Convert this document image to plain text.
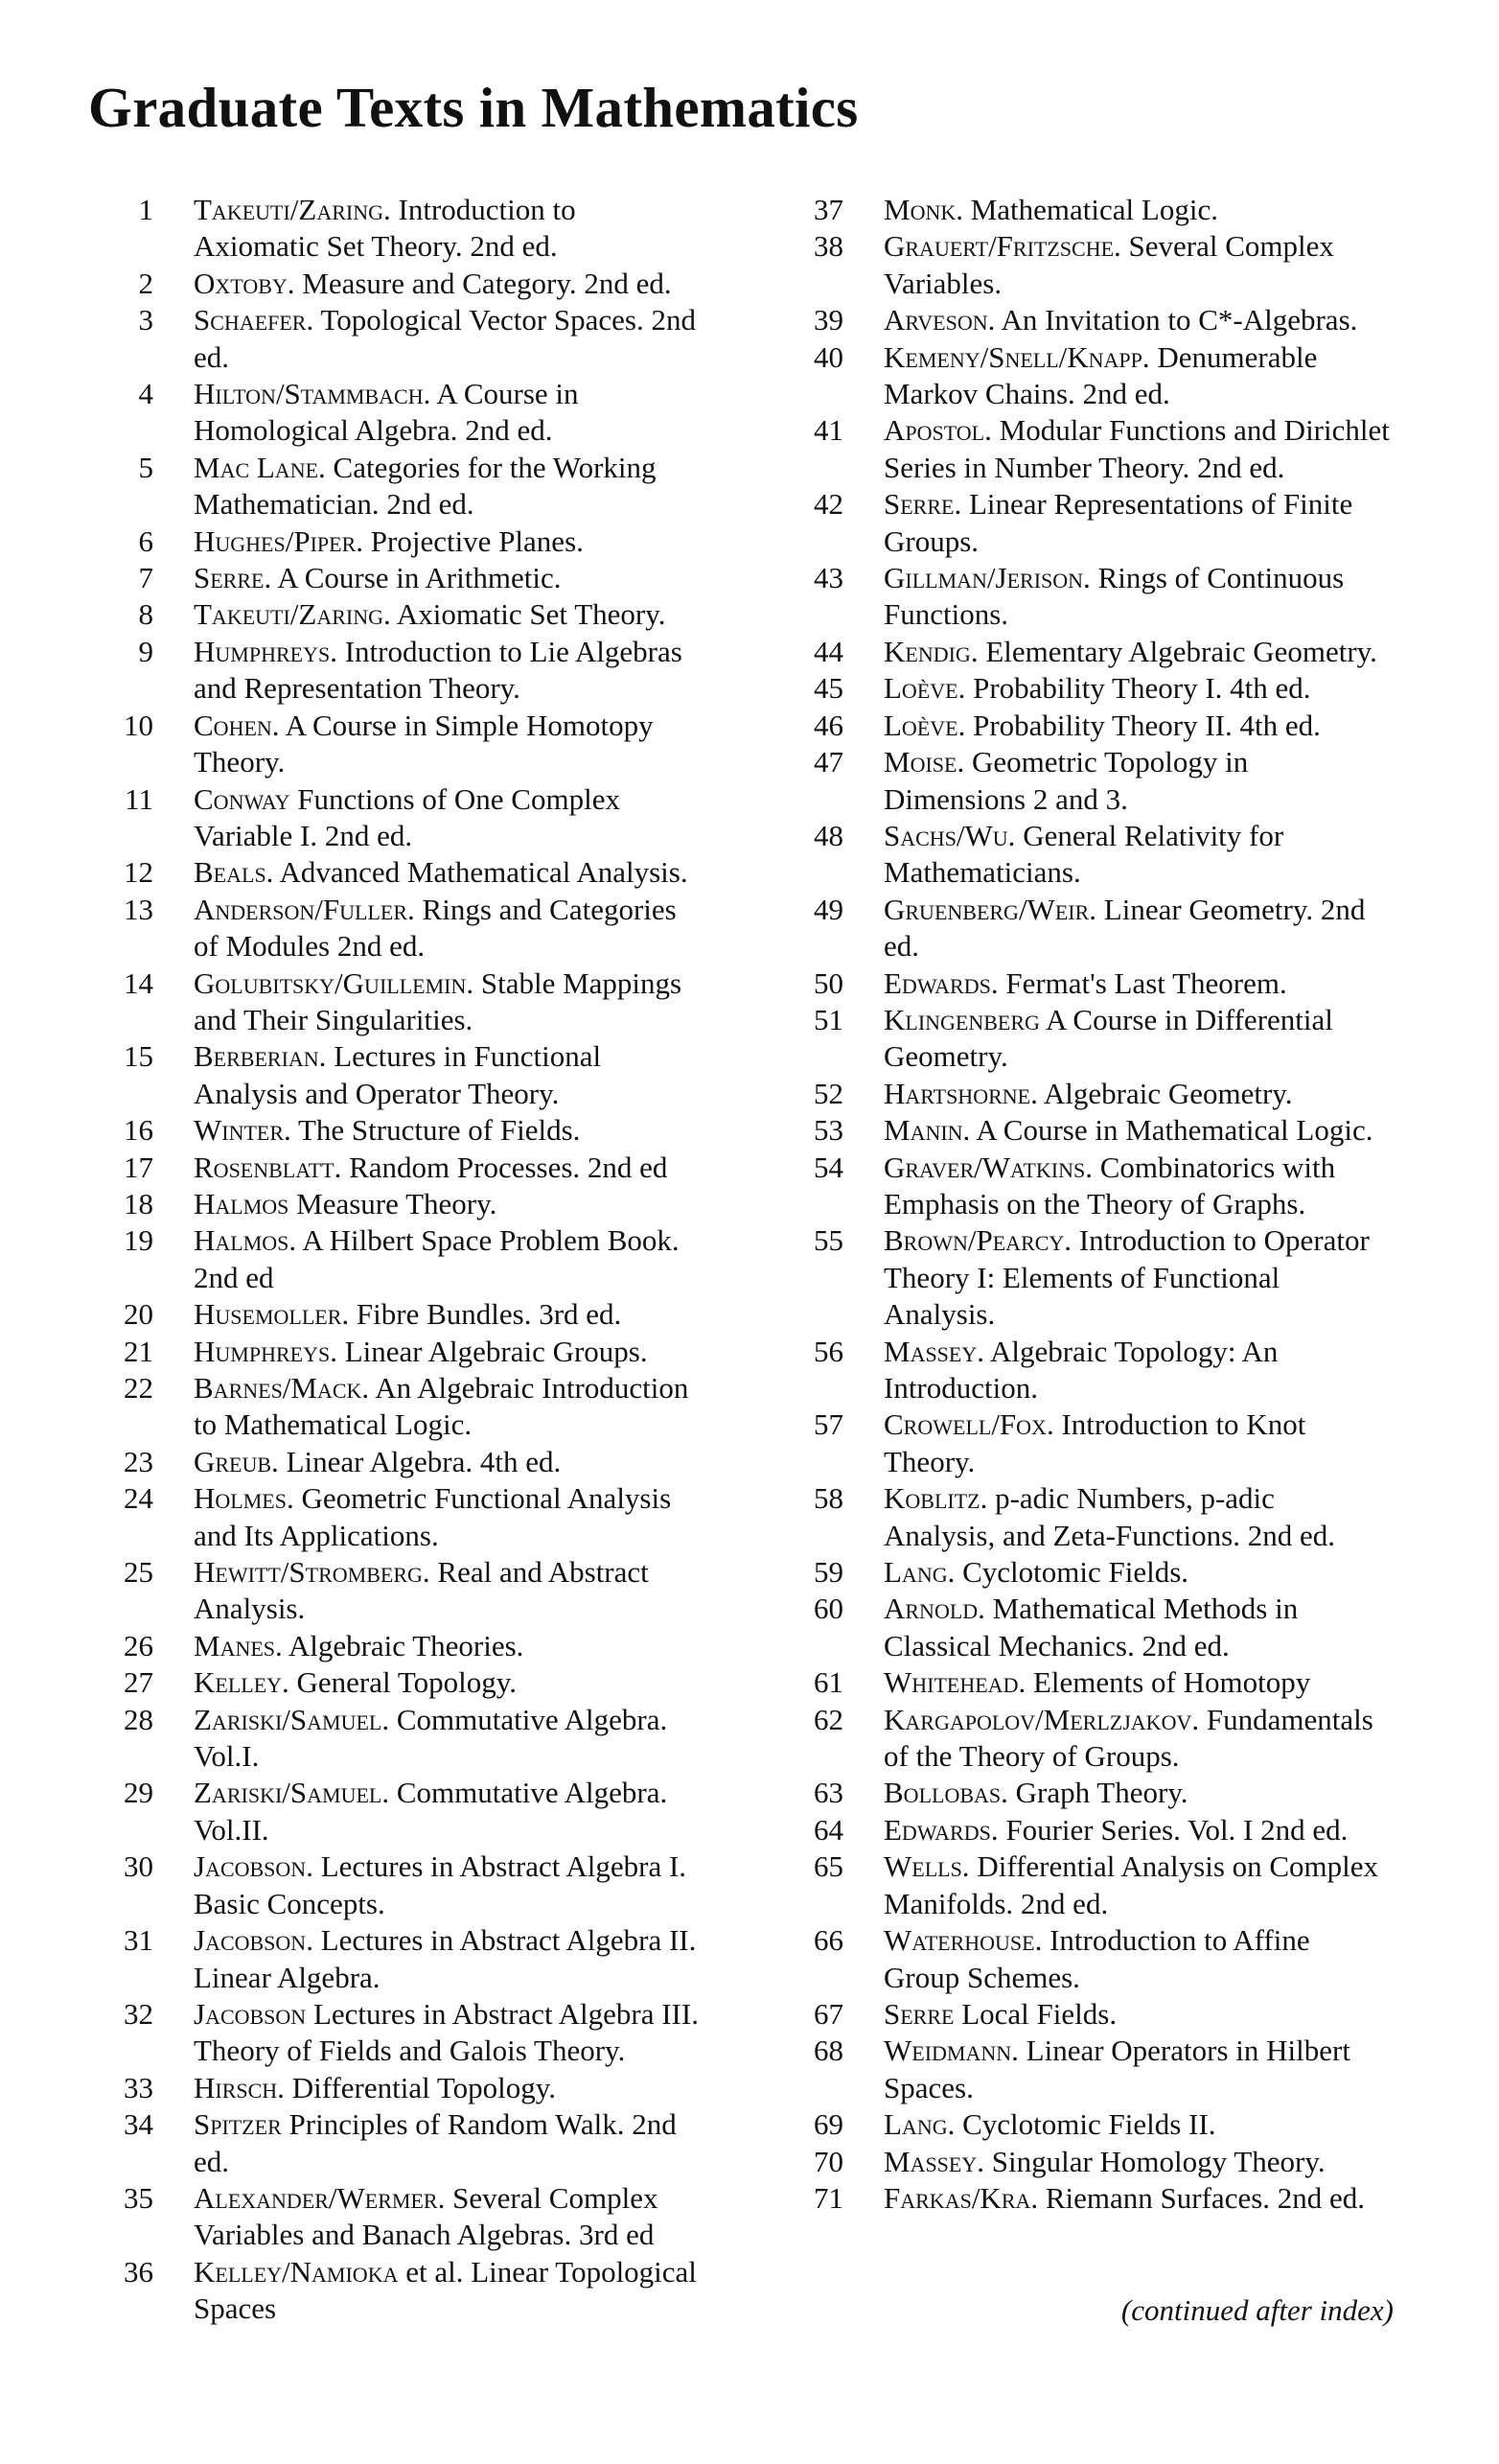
Graduate Texts in Mathematics
1	Takeuti/Zaring. Introduction to Axiomatic Set Theory. 2nd ed.
2	Oxtoby. Measure and Category. 2nd ed.
3	Schaefer. Topological Vector Spaces. 2nd ed.
4	Hilton/Stammbach. A Course in Homological Algebra. 2nd ed.
5	Mac Lane. Categories for the Working Mathematician. 2nd ed.
6	Hughes/Piper. Projective Planes.
7	Serre. A Course in Arithmetic.
8	Takeuti/Zaring. Axiomatic Set Theory.
9	Humphreys. Introduction to Lie Algebras and Representation Theory.
10	Cohen. A Course in Simple Homotopy Theory.
11	Conway Functions of One Complex Variable I. 2nd ed.
12	Beals. Advanced Mathematical Analysis.
13	Anderson/Fuller. Rings and Categories of Modules 2nd ed.
14	Golubitsky/Guillemin. Stable Mappings and Their Singularities.
15	Berberian. Lectures in Functional Analysis and Operator Theory.
16	Winter. The Structure of Fields.
17	Rosenblatt. Random Processes. 2nd ed
18	Halmos Measure Theory.
19	Halmos. A Hilbert Space Problem Book. 2nd ed
20	Husemoller. Fibre Bundles. 3rd ed.
21	Humphreys. Linear Algebraic Groups.
22	Barnes/Mack. An Algebraic Introduction to Mathematical Logic.
23	Greub. Linear Algebra. 4th ed.
24	Holmes. Geometric Functional Analysis and Its Applications.
25	Hewitt/Stromberg. Real and Abstract Analysis.
26	Manes. Algebraic Theories.
27	Kelley. General Topology.
28	Zariski/Samuel. Commutative Algebra. Vol.I.
29	Zariski/Samuel. Commutative Algebra. Vol.II.
30	Jacobson. Lectures in Abstract Algebra I. Basic Concepts.
31	Jacobson. Lectures in Abstract Algebra II. Linear Algebra.
32	Jacobson Lectures in Abstract Algebra III. Theory of Fields and Galois Theory.
33	Hirsch. Differential Topology.
34	Spitzer Principles of Random Walk. 2nd ed.
35	Alexander/Wermer. Several Complex Variables and Banach Algebras. 3rd ed
36	Kelley/Namioka et al. Linear Topological Spaces
37	Monk. Mathematical Logic.
38	Grauert/Fritzsche. Several Complex Variables.
39	Arveson. An Invitation to C*-Algebras.
40	Kemeny/Snell/Knapp. Denumerable Markov Chains. 2nd ed.
41	Apostol. Modular Functions and Dirichlet Series in Number Theory. 2nd ed.
42	Serre. Linear Representations of Finite Groups.
43	Gillman/Jerison. Rings of Continuous Functions.
44	Kendig. Elementary Algebraic Geometry.
45	Loève. Probability Theory I. 4th ed.
46	Loève. Probability Theory II. 4th ed.
47	Moise. Geometric Topology in Dimensions 2 and 3.
48	Sachs/Wu. General Relativity for Mathematicians.
49	Gruenberg/Weir. Linear Geometry. 2nd ed.
50	Edwards. Fermat's Last Theorem.
51	Klingenberg A Course in Differential Geometry.
52	Hartshorne. Algebraic Geometry.
53	Manin. A Course in Mathematical Logic.
54	Graver/Watkins. Combinatorics with Emphasis on the Theory of Graphs.
55	Brown/Pearcy. Introduction to Operator Theory I: Elements of Functional Analysis.
56	Massey. Algebraic Topology: An Introduction.
57	Crowell/Fox. Introduction to Knot Theory.
58	Koblitz. p-adic Numbers, p-adic Analysis, and Zeta-Functions. 2nd ed.
59	Lang. Cyclotomic Fields.
60	Arnold. Mathematical Methods in Classical Mechanics. 2nd ed.
61	Whitehead. Elements of Homotopy
62	Kargapolov/Merlzjakov. Fundamentals of the Theory of Groups.
63	Bollobas. Graph Theory.
64	Edwards. Fourier Series. Vol. I 2nd ed.
65	Wells. Differential Analysis on Complex Manifolds. 2nd ed.
66	Waterhouse. Introduction to Affine Group Schemes.
67	Serre Local Fields.
68	Weidmann. Linear Operators in Hilbert Spaces.
69	Lang. Cyclotomic Fields II.
70	Massey. Singular Homology Theory.
71	Farkas/Kra. Riemann Surfaces. 2nd ed.
(continued after index)
